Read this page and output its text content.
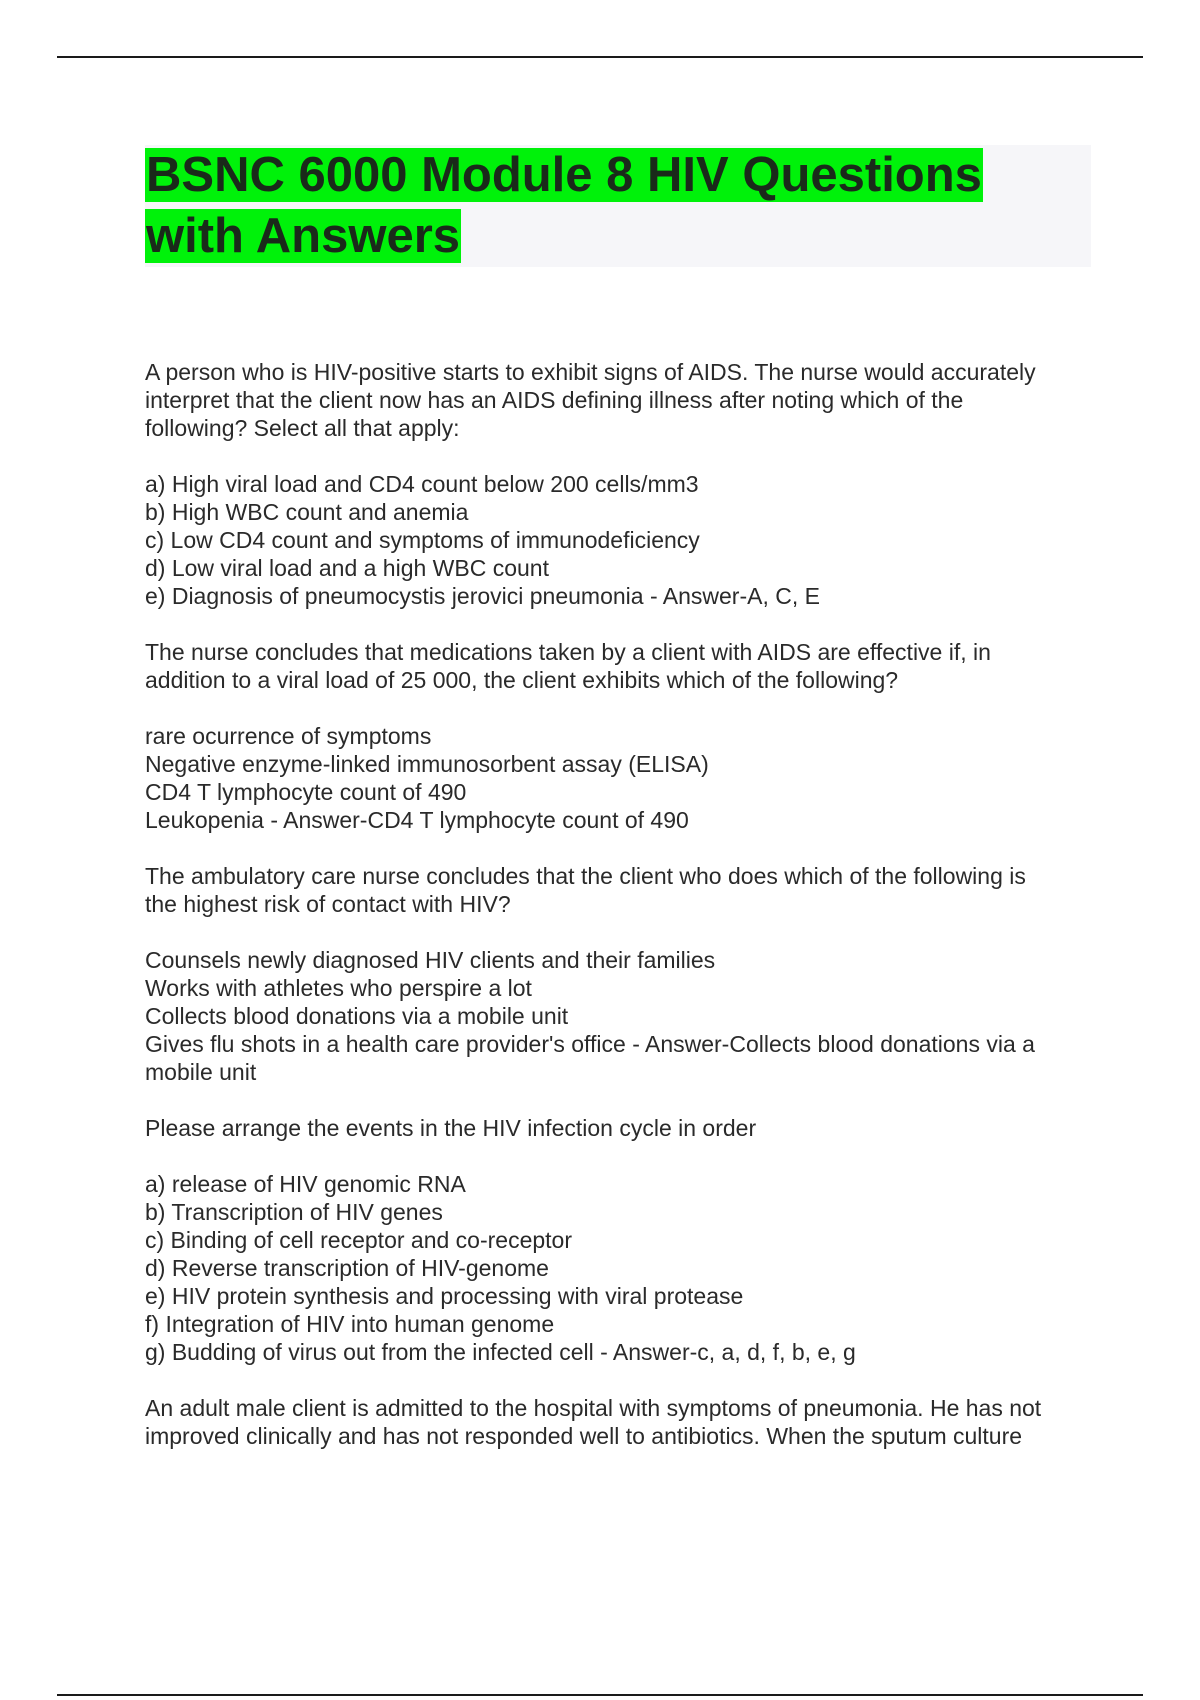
BSNC 6000 Module 8 HIV Questions
with Answers
A person who is HIV-positive starts to exhibit signs of AIDS. The nurse would accurately
interpret that the client now has an AIDS defining illness after noting which of the
following? Select all that apply:
a) High viral load and CD4 count below 200 cells/mm3
b) High WBC count and anemia
c) Low CD4 count and symptoms of immunodeficiency
d) Low viral load and a high WBC count
e) Diagnosis of pneumocystis jerovici pneumonia - Answer-A, C, E
The nurse concludes that medications taken by a client with AIDS are effective if, in
addition to a viral load of 25 000, the client exhibits which of the following?
rare ocurrence of symptoms
Negative enzyme-linked immunosorbent assay (ELISA)
CD4 T lymphocyte count of 490
Leukopenia - Answer-CD4 T lymphocyte count of 490
The ambulatory care nurse concludes that the client who does which of the following is
the highest risk of contact with HIV?
Counsels newly diagnosed HIV clients and their families
Works with athletes who perspire a lot
Collects blood donations via a mobile unit
Gives flu shots in a health care provider's office - Answer-Collects blood donations via a
mobile unit
Please arrange the events in the HIV infection cycle in order
a) release of HIV genomic RNA
b) Transcription of HIV genes
c) Binding of cell receptor and co-receptor
d) Reverse transcription of HIV-genome
e) HIV protein synthesis and processing with viral protease
f) Integration of HIV into human genome
g) Budding of virus out from the infected cell - Answer-c, a, d, f, b, e, g
An adult male client is admitted to the hospital with symptoms of pneumonia. He has not
improved clinically and has not responded well to antibiotics. When the sputum culture
